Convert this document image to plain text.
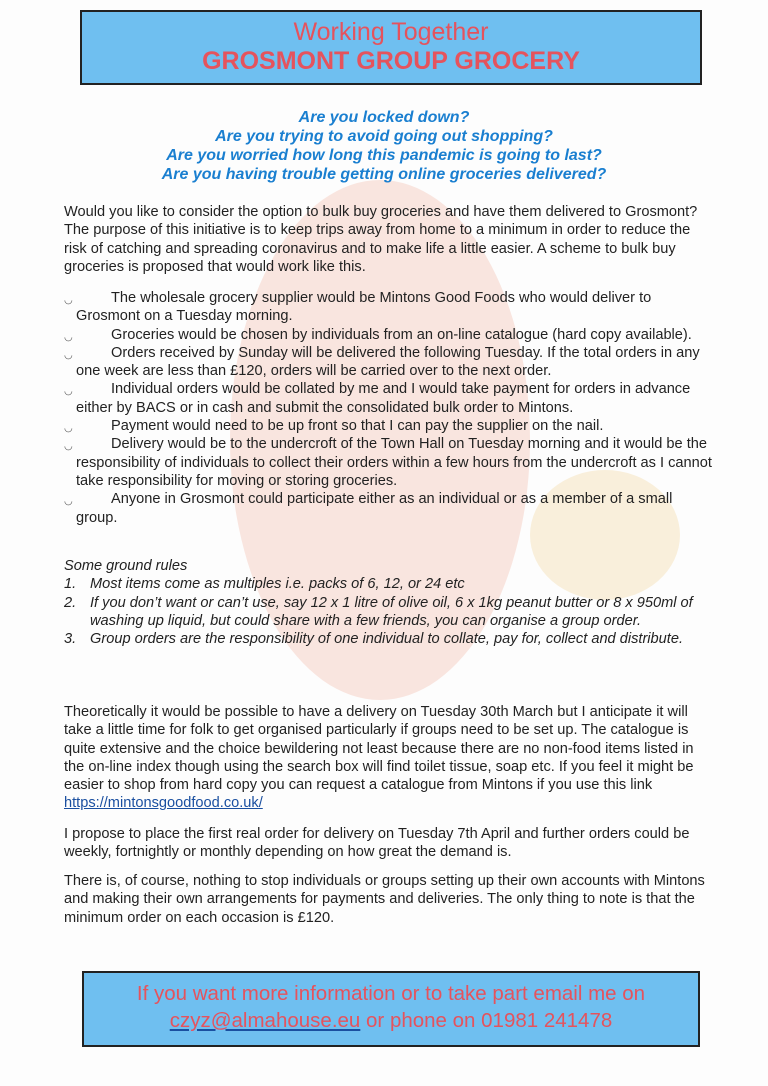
Working Together
GROSMONT GROUP GROCERY
Are you locked down?
Are you trying to avoid going out shopping?
Are you worried how long this pandemic is going to last?
Are you having trouble getting online groceries delivered?
Would you like to consider the option to bulk buy groceries and have them delivered to Grosmont? The purpose of this initiative is to keep trips away from home to a minimum in order to reduce the risk of catching and spreading coronavirus and to make life a little easier. A scheme to bulk buy groceries is proposed that would work like this.
◡	The wholesale grocery supplier would be Mintons Good Foods who would deliver to Grosmont on a Tuesday morning.
◡	Groceries would be chosen by individuals from an on-line catalogue (hard copy available).
◡	Orders received by Sunday will be delivered the following Tuesday. If the total orders in any one week are less than £120, orders will be carried over to the next order.
◡	Individual orders would be collated by me and I would take payment for orders in advance either by BACS or in cash and submit the consolidated bulk order to Mintons.
◡	Payment would need to be up front so that I can pay the supplier on the nail.
◡	Delivery would be to the undercroft of the Town Hall on Tuesday morning and it would be the responsibility of individuals to collect their orders within a few hours from the undercroft as I cannot take responsibility for moving or storing groceries.
◡	Anyone in Grosmont could participate either as an individual or as a member of a small group.
Some ground rules
1. Most items come as multiples i.e. packs of 6, 12, or 24 etc
2. If you don’t want or can’t use, say 12 x 1 litre of olive oil, 6 x 1kg peanut butter or 8 x 950ml of washing up liquid, but could share with a few friends, you can organise a group order.
3. Group orders are the responsibility of one individual to collate, pay for, collect and distribute.
Theoretically it would be possible to have a delivery on Tuesday 30th March but I anticipate it will take a little time for folk to get organised particularly if groups need to be set up. The catalogue is quite extensive and the choice bewildering not least because there are no non-food items listed in the on-line index though using the search box will find toilet tissue, soap etc. If you feel it might be easier to shop from hard copy you can request a catalogue from Mintons if you use this link https://mintonsgoodfood.co.uk/
I propose to place the first real order for delivery on Tuesday 7th April and further orders could be weekly, fortnightly or monthly depending on how great the demand is.
There is, of course, nothing to stop individuals or groups setting up their own accounts with Mintons and making their own arrangements for payments and deliveries. The only thing to note is that the minimum order on each occasion is £120.
If you want more information or to take part email me on
czyz@almahouse.eu or phone on 01981 241478
